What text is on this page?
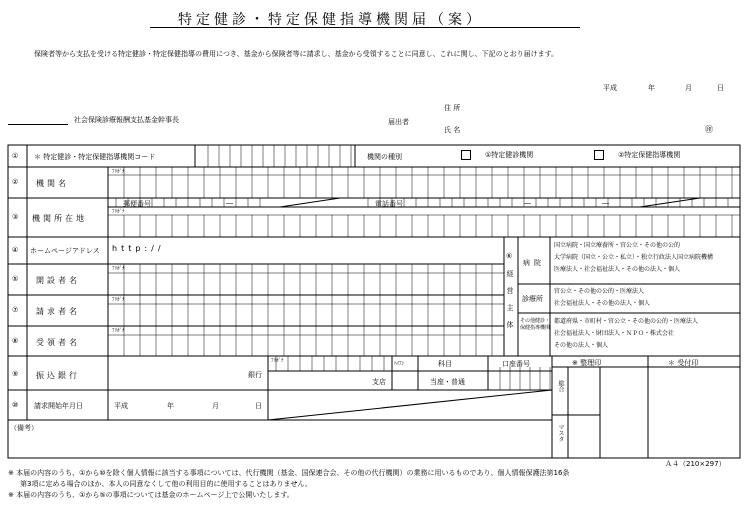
特定健診・特定保健指導機関届（案）
保険者等から支払を受ける特定健診・特定保健指導の費用につき、基金から保険者等に請求し、基金から受領することに同意し、これに関し、下記のとおり届けます。
平成	年	月	日
社会保険診療報酬支払基金幹事長
住 所
届出者
氏 名	㊞
① ＊ 特定健診・特定保健指導機関コード	機関の種別	①特定健診機関	②特定保健指導機関
② 機関名
ﾌﾘｶﾞﾅ
③ 機関所在地
郵便番号	―	電話番号	―	―
ﾌﾘｶﾞﾅ
④ ホームページアドレス http://
⑤ 開設者名
ﾌﾘｶﾞﾅ
⑦ 請求者名
ﾌﾘｶﾞﾅ
⑧ 受領者名
ﾌﾘｶﾞﾅ
⑥
経営主体
病院
国立病院・国立療養所・官公立・その他の公的
大学病院（国立・公立・私立）・独立行政法人国立病院機構
医療法人・社会福祉法人・その他の法人・個人
診療所
官公立・その他の公的・医療法人
社会福祉法人・その他の法人・個人
その他健診・保健指導機関
都道府県・市町村・官公立・その他の公的・医療法人
社会福祉法人・財団法人・ＮＰＯ・株式会社
その他の法人・個人
⑨ 振込銀行	銀行
支店
科目
当座・普通
口座番号
ﾌﾘｶﾞﾅ	ﾊｲﾌﾝ
⑩ 請求開始年月日	平成	年	月	日
（備考）
※ 整理印	＊ 受付印
総合
マスタ
Ａ４（210×297）
※ 本届の内容のうち、①から⑩を除く個人情報に該当する事項については、代行機関（基金、国保連合会、その他の代行機関）の業務に用いるものであり、個人情報保護法第16条
第3項に定める場合のほか、本人の同意なくして他の利用目的に使用することはありません。
※ 本届の内容のうち、①から⑤の事項については基金のホームページ上で公開いたします。
